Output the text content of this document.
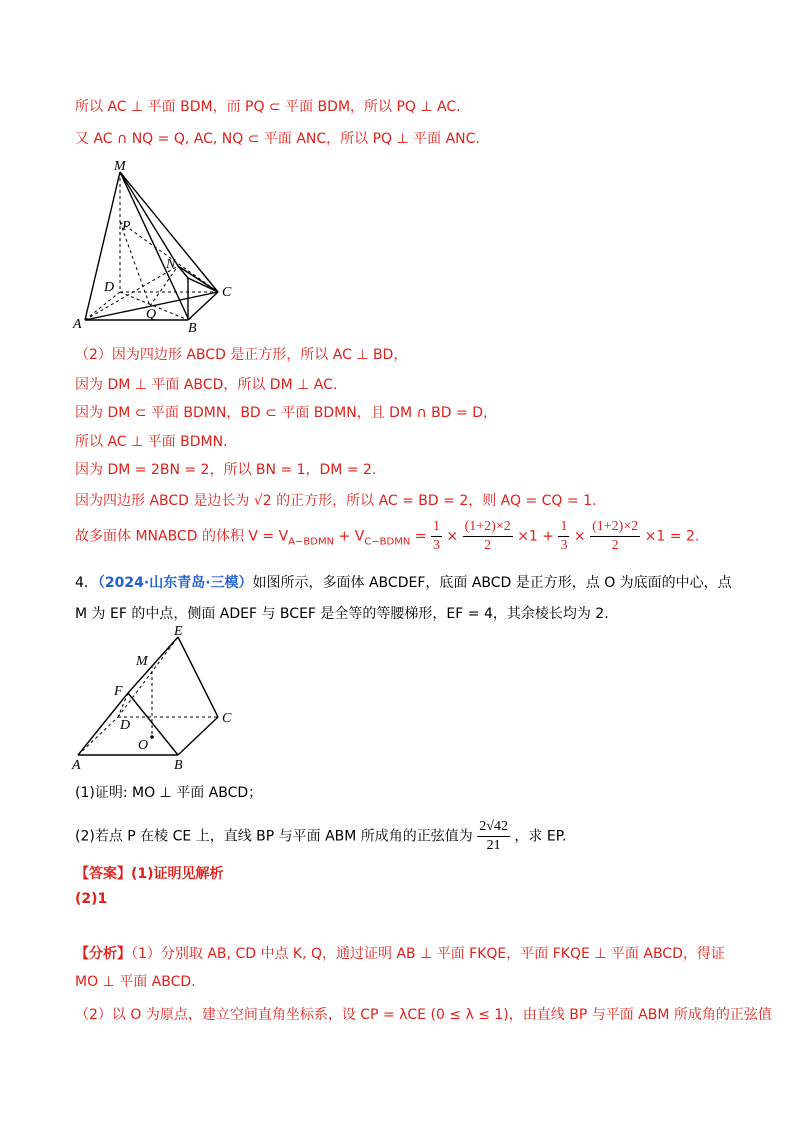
所以 AC ⊥ 平面 BDM，而 PQ ⊂ 平面 BDM，所以 PQ ⊥ AC.
又 AC ∩ NQ = Q, AC, NQ ⊂ 平面 ANC，所以 PQ ⊥ 平面 ANC.
M
P
N
D	C
Q
A	B
（2）因为四边形 ABCD 是正方形，所以 AC ⊥ BD，
因为 DM ⊥ 平面 ABCD，所以 DM ⊥ AC.
因为 DM ⊂ 平面 BDMN，BD ⊂ 平面 BDMN，且 DM ∩ BD = D，
所以 AC ⊥ 平面 BDMN.
因为 DM = 2BN = 2，所以 BN = 1，DM = 2.
因为四边形 ABCD 是边长为 √2 的正方形，所以 AC = BD = 2，则 AQ = CQ = 1.
故多面体 MNABCD 的体积 $V = V_{A-BDMN} + V_{C-BDMN} = \frac{1}{3} \times \frac{(1+2)\times 2}{2} \times 1 + \frac{1}{3} \times \frac{(1+2)\times 2}{2} \times 1 = 2$.
4．（2024·山东青岛·三模）如图所示，多面体 ABCDEF，底面 ABCD 是正方形，点 O 为底面的中心，点
M 为 EF 的中点，侧面 ADEF 与 BCEF 是全等的等腰梯形，EF = 4，其余棱长均为 2.
E
M
F
D	C
O
A	B
(1)证明: MO ⊥ 平面 ABCD；
(2)若点 P 在棱 CE 上，直线 BP 与平面 ABM 所成角的正弦值为 $\frac{2√42}{21}$ ，求 EP.
【答案】(1)证明见解析
(2)1
【分析】（1）分别取 AB, CD 中点 K, Q，通过证明 AB ⊥ 平面 FKQE，平面 FKQE ⊥ 平面 ABCD，得证
MO ⊥ 平面 ABCD.
（2）以 O 为原点，建立空间直角坐标系，设 CP = λCE (0 ≤ λ ≤ 1)，由直线 BP 与平面 ABM 所成角的正弦值
